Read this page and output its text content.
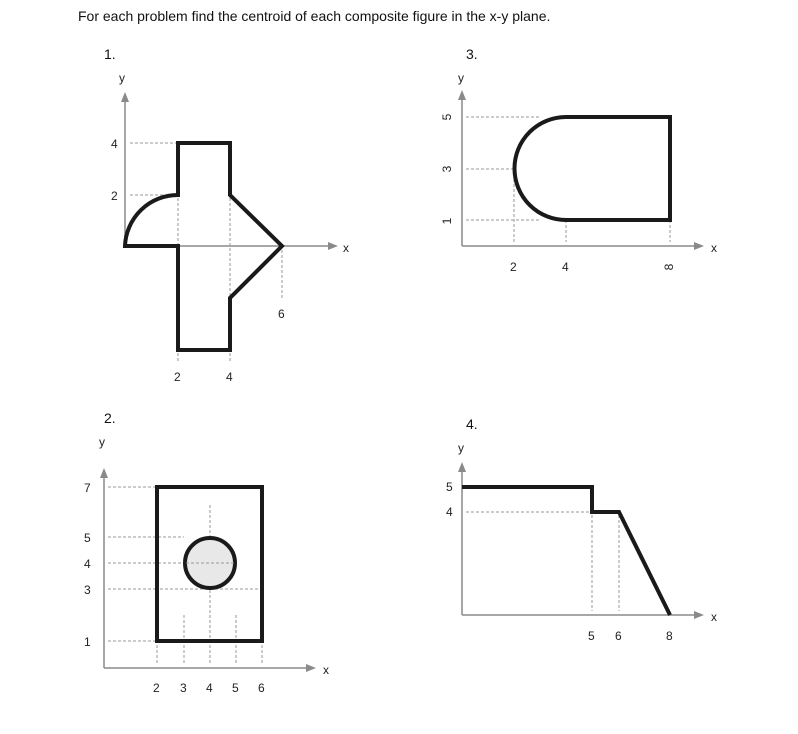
For each problem find the centroid of each composite figure in the x-y plane.
1.	3.
2.	4.
y
x
4
2
6
2	4
y
x
5
3
1
2	4	8
y
x
7
5
4
3
1
2 3 4 5 6
y
x
5
4
5 6	8
